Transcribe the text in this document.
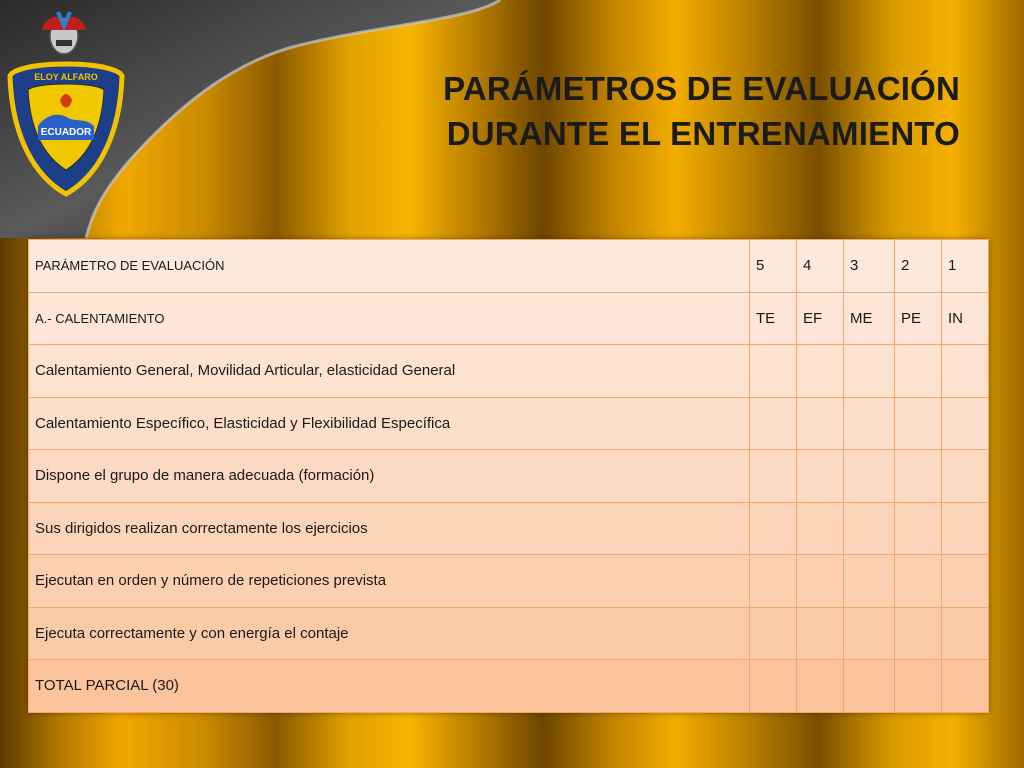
ELOY ALFARO
ECUADOR
PARÁMETROS DE EVALUACIÓN
DURANTE EL ENTRENAMIENTO
PARÁMETRO DE EVALUACIÓN	5	4	3	2	1
A.- CALENTAMIENTO	TE	EF	ME	PE	IN
Calentamiento General, Movilidad Articular, elasticidad General					
Calentamiento Específico, Elasticidad y Flexibilidad Específica					
Dispone el grupo de manera adecuada (formación)					
Sus dirigidos realizan correctamente los ejercicios					
Ejecutan en orden y número de repeticiones prevista					
Ejecuta correctamente y con energía el contaje					
TOTAL PARCIAL (30)					
